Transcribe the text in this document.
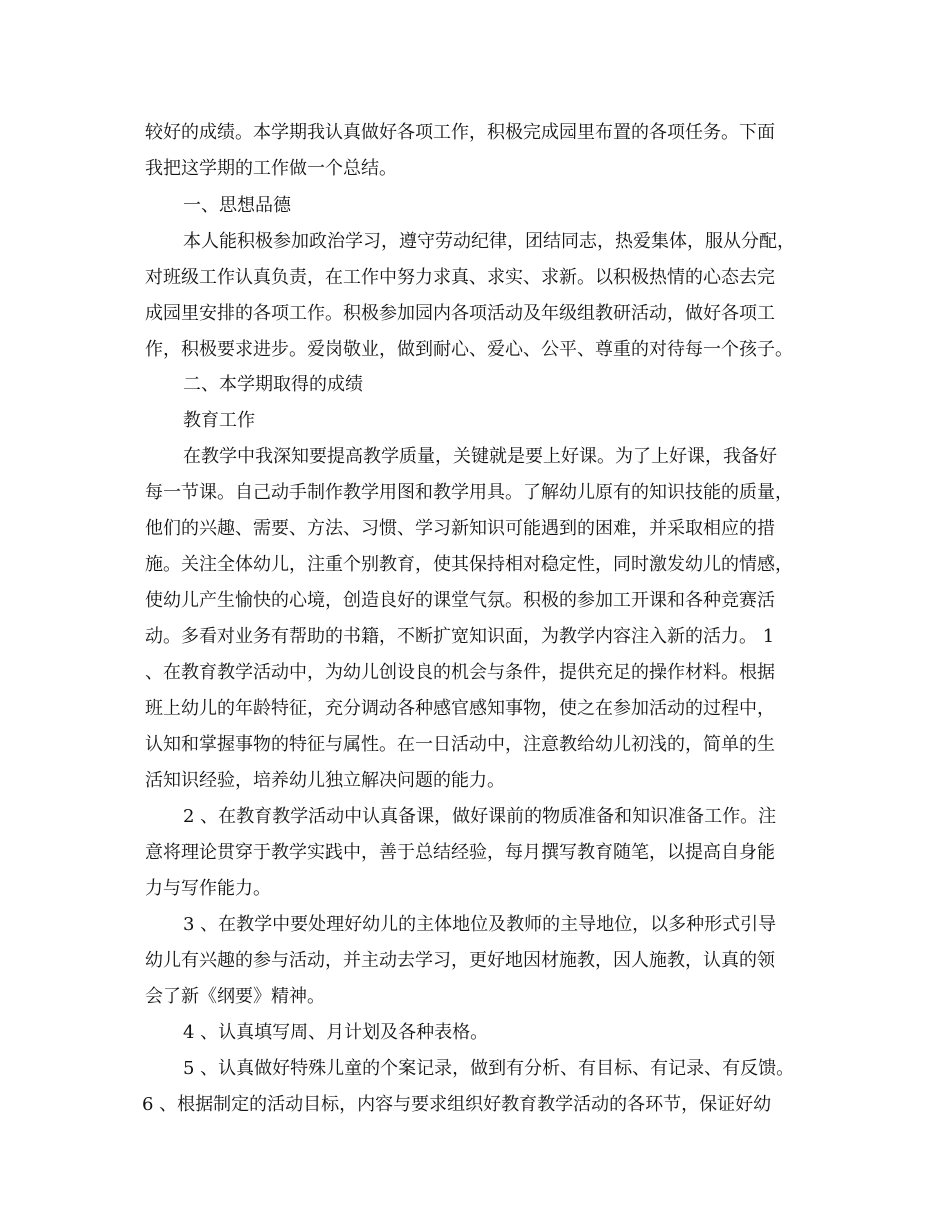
较好的成绩。本学期我认真做好各项工作，积极完成园里布置的各项任务。下面
我把这学期的工作做一个总结。
一、思想品德
本人能积极参加政治学习，遵守劳动纪律，团结同志，热爱集体，服从分配，
对班级工作认真负责，在工作中努力求真、求实、求新。以积极热情的心态去完
成园里安排的各项工作。积极参加园内各项活动及年级组教研活动，做好各项工
作，积极要求进步。爱岗敬业，做到耐心、爱心、公平、尊重的对待每一个孩子。
二、本学期取得的成绩
教育工作
在教学中我深知要提高教学质量，关键就是要上好课。为了上好课，我备好
每一节课。自己动手制作教学用图和教学用具。了解幼儿原有的知识技能的质量，
他们的兴趣、需要、方法、习惯、学习新知识可能遇到的困难，并采取相应的措
施。关注全体幼儿，注重个别教育，使其保持相对稳定性，同时激发幼儿的情感，
使幼儿产生愉快的心境，创造良好的课堂气氛。积极的参加工开课和各种竞赛活
动。多看对业务有帮助的书籍，不断扩宽知识面，为教学内容注入新的活力。 1
、在教育教学活动中，为幼儿创设良的机会与条件，提供充足的操作材料。根据
班上幼儿的年龄特征，充分调动各种感官感知事物，使之在参加活动的过程中，
认知和掌握事物的特征与属性。在一日活动中，注意教给幼儿初浅的，简单的生
活知识经验，培养幼儿独立解决问题的能力。
2 、在教育教学活动中认真备课，做好课前的物质准备和知识准备工作。注
意将理论贯穿于教学实践中，善于总结经验，每月撰写教育随笔，以提高自身能
力与写作能力。
3 、在教学中要处理好幼儿的主体地位及教师的主导地位，以多种形式引导
幼儿有兴趣的参与活动，并主动去学习，更好地因材施教，因人施教，认真的领
会了新《纲要》精神。
4 、认真填写周、月计划及各种表格。
5 、认真做好特殊儿童的个案记录，做到有分析、有目标、有记录、有反馈。
6 、根据制定的活动目标，内容与要求组织好教育教学活动的各环节，保证好幼
